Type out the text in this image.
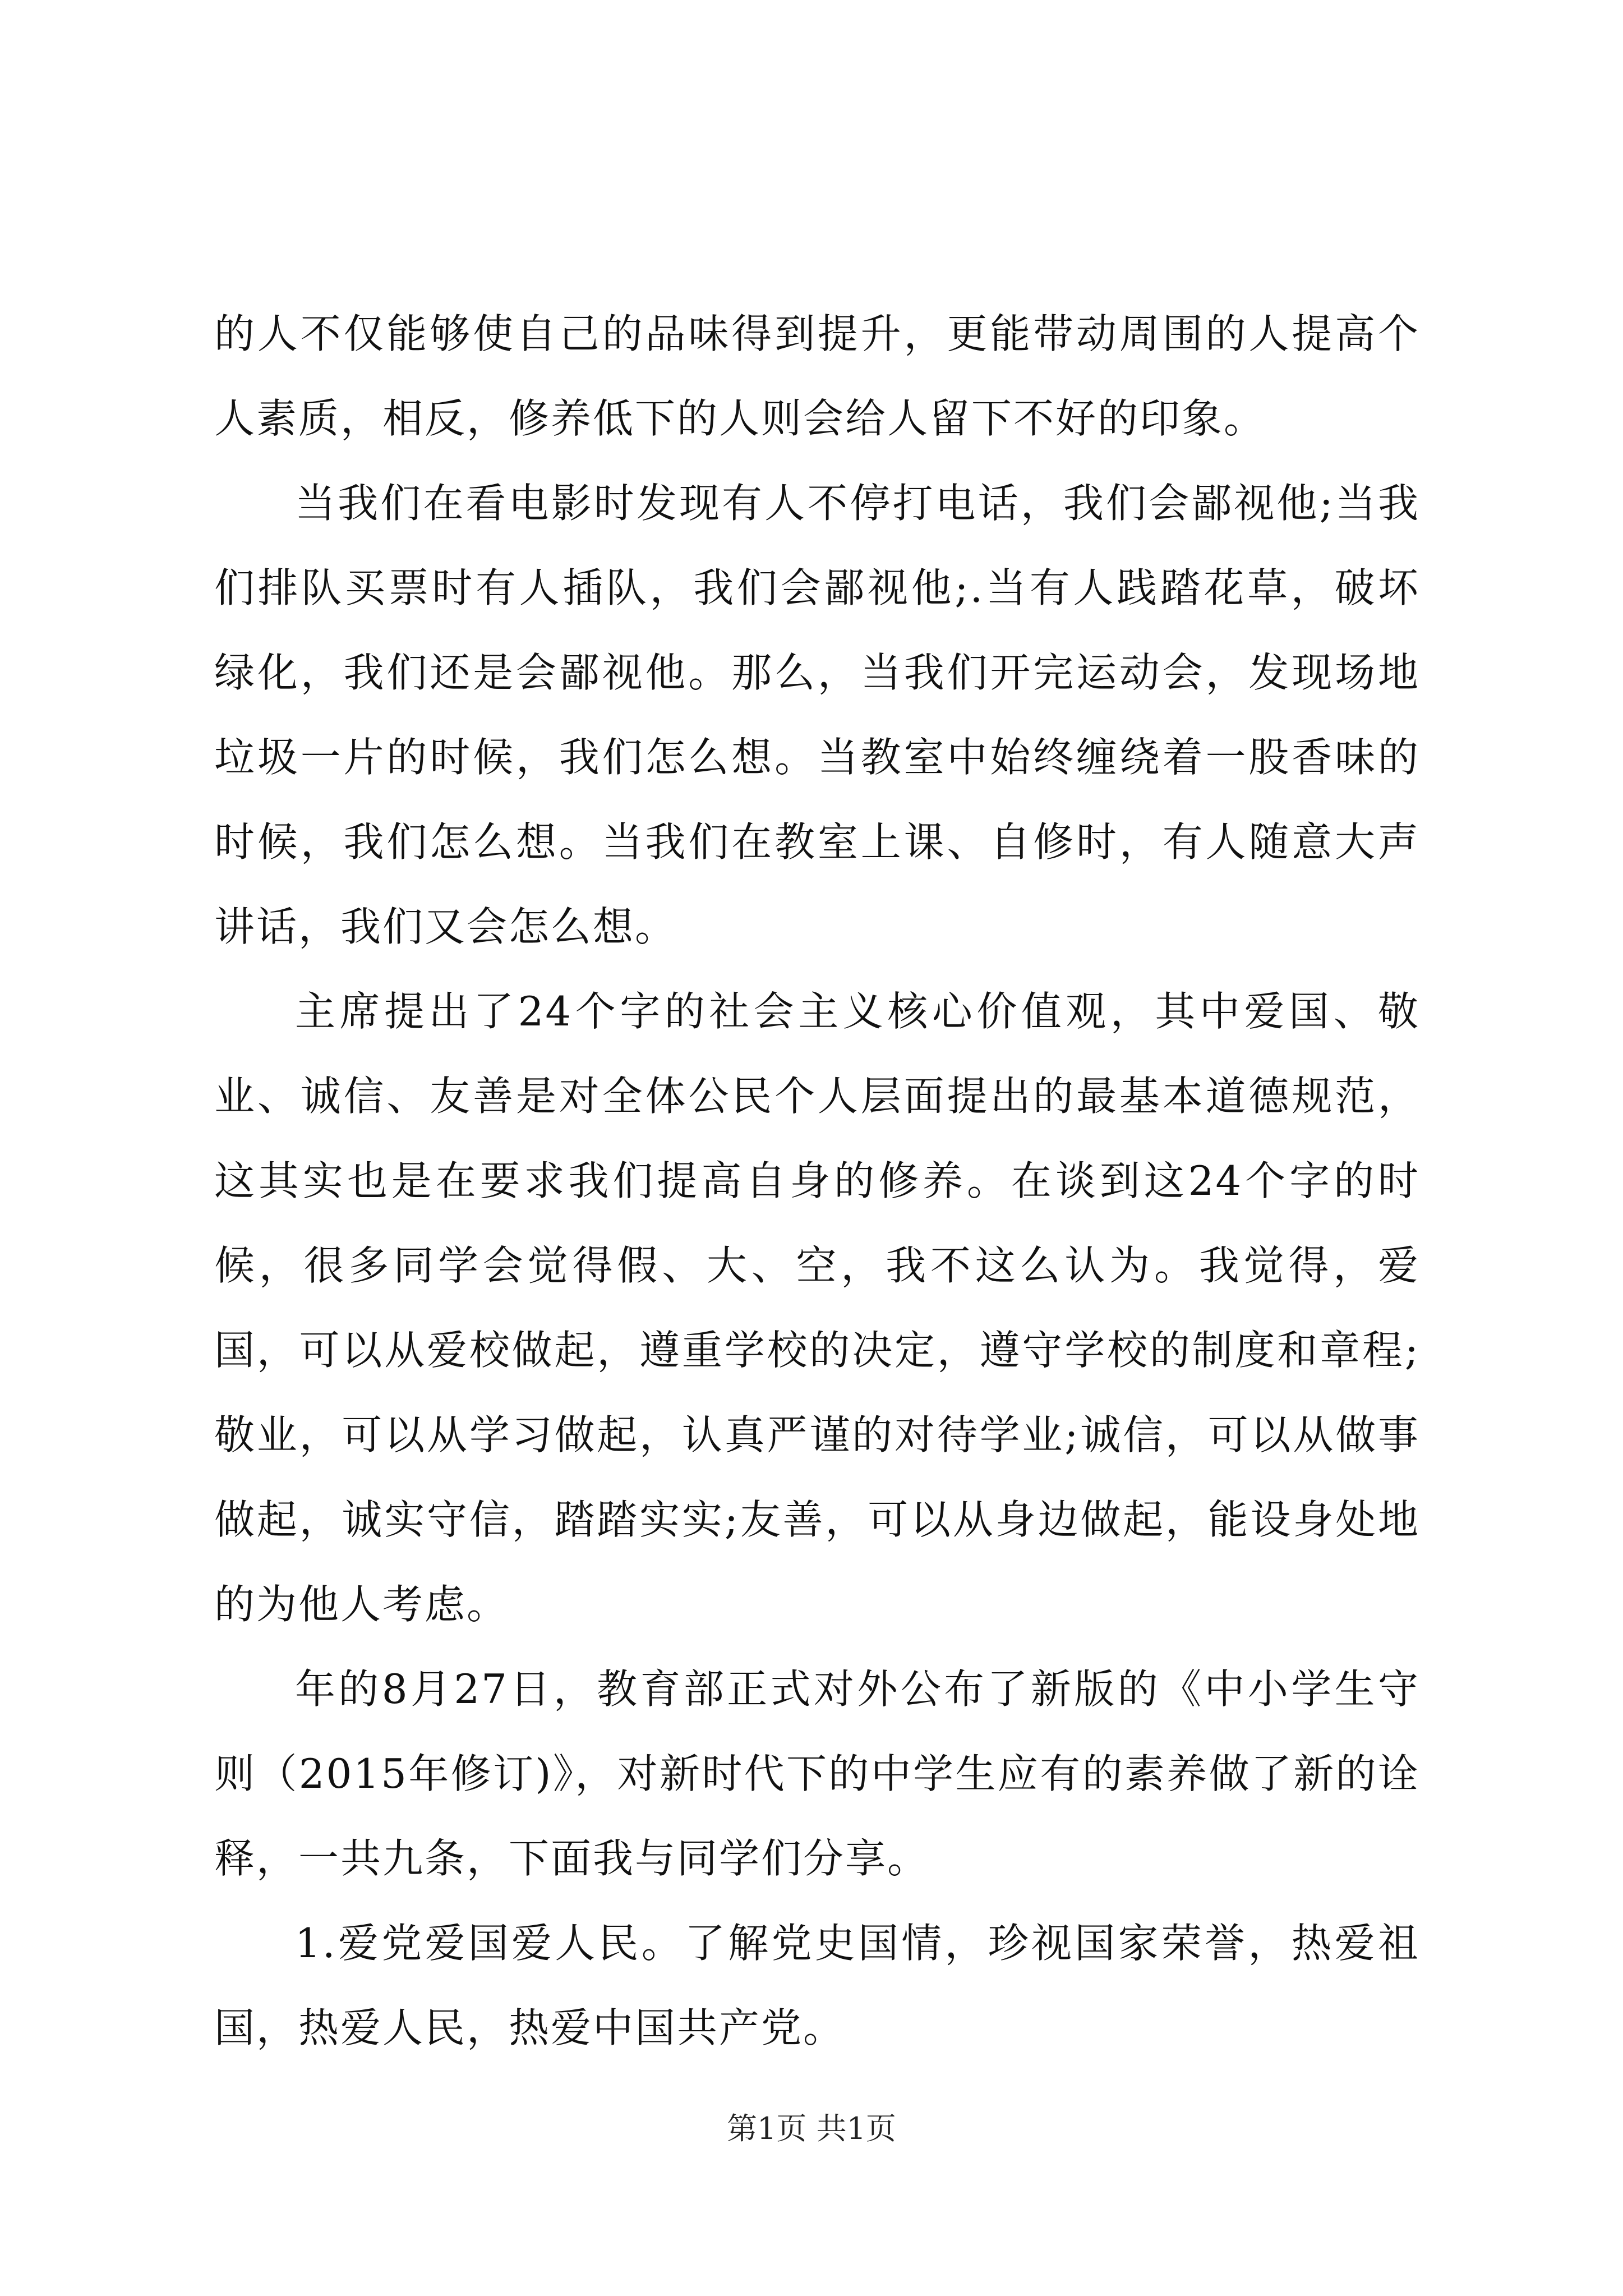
的人不仅能够使自己的品味得到提升，更能带动周围的人提高个人素质，相反，修养低下的人则会给人留下不好的印象。

当我们在看电影时发现有人不停打电话，我们会鄙视他;当我们排队买票时有人插队，我们会鄙视他;.当有人践踏花草，破坏绿化，我们还是会鄙视他。那么，当我们开完运动会，发现场地垃圾一片的时候，我们怎么想。当教室中始终缠绕着一股香味的时候，我们怎么想。当我们在教室上课、自修时，有人随意大声讲话，我们又会怎么想。

主席提出了24个字的社会主义核心价值观，其中爱国、敬业、诚信、友善是对全体公民个人层面提出的最基本道德规范，这其实也是在要求我们提高自身的修养。在谈到这24个字的时候，很多同学会觉得假、大、空，我不这么认为。我觉得，爱国，可以从爱校做起，遵重学校的决定，遵守学校的制度和章程;敬业，可以从学习做起，认真严谨的对待学业;诚信，可以从做事做起，诚实守信，踏踏实实;友善，可以从身边做起，能设身处地的为他人考虑。

年的8月27日，教育部正式对外公布了新版的《中小学生守则（2015年修订)》，对新时代下的中学生应有的素养做了新的诠释，一共九条，下面我与同学们分享。

1.爱党爱国爱人民。了解党史国情，珍视国家荣誉，热爱祖国，热爱人民，热爱中国共产党。

第1页 共1页
